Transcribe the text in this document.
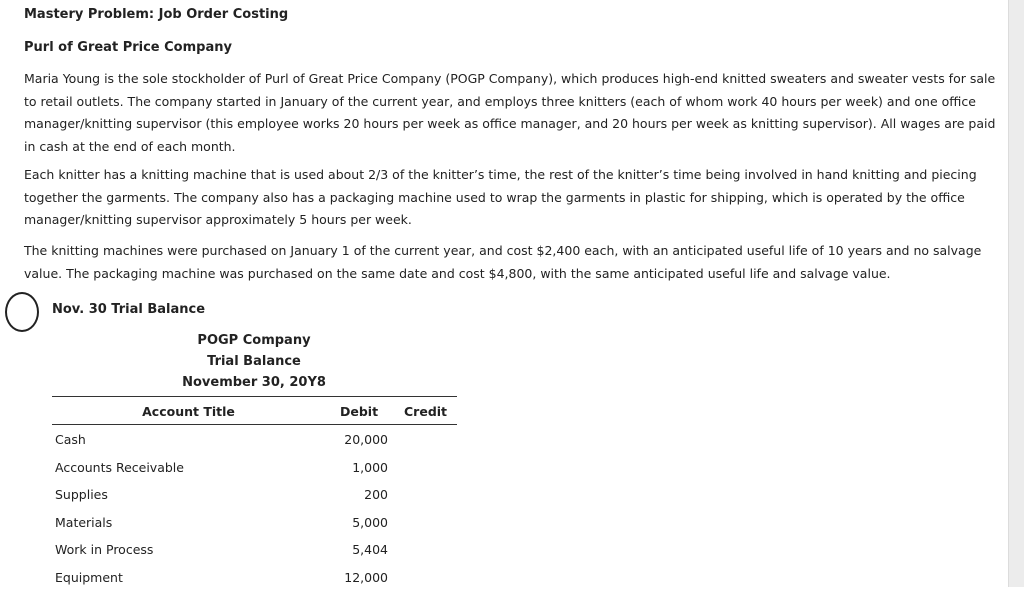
Mastery Problem: Job Order Costing
Purl of Great Price Company

Maria Young is the sole stockholder of Purl of Great Price Company (POGP Company), which produces high-end knitted sweaters and sweater vests for sale to retail outlets. The company started in January of the current year, and employs three knitters (each of whom work 40 hours per week) and one office manager/knitting supervisor (this employee works 20 hours per week as office manager, and 20 hours per week as knitting supervisor). All wages are paid in cash at the end of each month.

Each knitter has a knitting machine that is used about 2/3 of the knitter’s time, the rest of the knitter’s time being involved in hand knitting and piecing together the garments. The company also has a packaging machine used to wrap the garments in plastic for shipping, which is operated by the office manager/knitting supervisor approximately 5 hours per week.

The knitting machines were purchased on January 1 of the current year, and cost $2,400 each, with an anticipated useful life of 10 years and no salvage value. The packaging machine was purchased on the same date and cost $4,800, with the same anticipated useful life and salvage value.

Nov. 30 Trial Balance
POGP Company
Trial Balance
November 30, 20Y8
Account Title	Debit Credit
Cash	20,000
Accounts Receivable	1,000
Supplies	200
Materials	5,000
Work in Process	5,404
Equipment	12,000
